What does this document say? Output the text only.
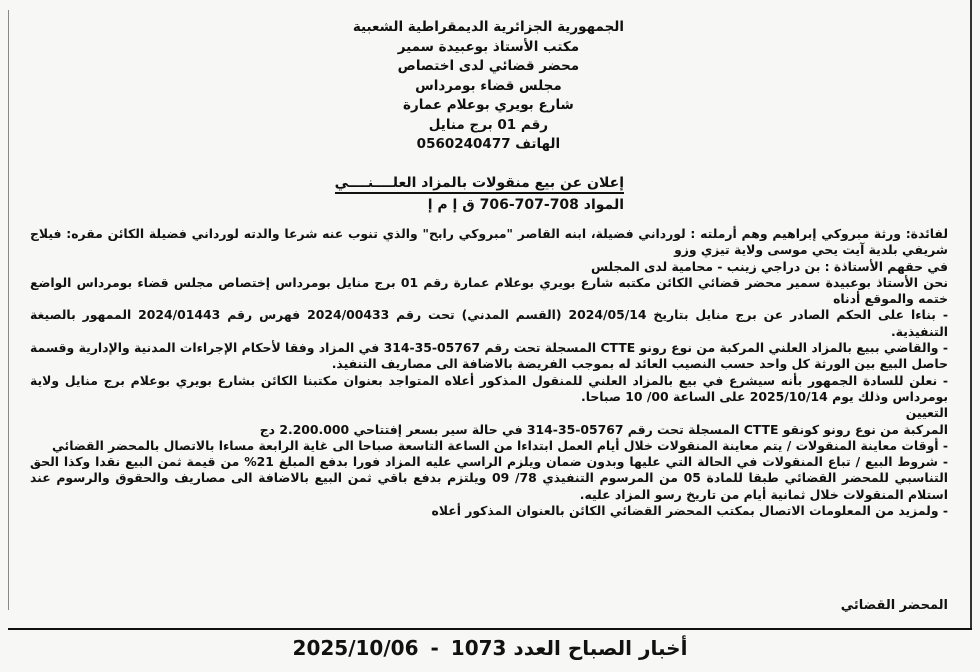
الجمهورية الجزائرية الديمقراطية الشعبية
مكتب الأستاذ بوعبيدة سمير
محضر قضائي لدى اختصاص
مجلس قضاء بومرداس
شارع بويري بوعلام عمارة
رقم 01 برج منايل
الهاتف 0560240477
إعلان عن بيع منقولات بالمزاد العلــــنــــي
المواد 708-707-706 ق إ م إ

لفائدة: ورثة مبروكي إبراهيم وهم أرملته : لورداني فضيلة، ابنه القاصر "مبروكي رابح" والذي تنوب عنه شرعا والدته لورداني فضيلة الكائن مقره: فيلاج شريفي بلدية آيت يحي موسى ولاية تيزي وزو

في حقهم الأستاذة : بن دراجي زينب - محامية لدى المجلس

نحن الأستاذ بوعبيدة سمير محضر قضائي الكائن مكتبه شارع بويري بوعلام عمارة رقم 01 برج منايل بومرداس إختصاص مجلس قضاء بومرداس الواضع ختمه والموقع أدناه

- بناءا على الحكم الصادر عن برج منايل بتاريخ 2024/05/14 (القسم المدني) تحت رقم 2024/00433 فهرس رقم 2024/01443 الممهور بالصيغة التنفيذية.

- والقاضي ببيع بالمزاد العلني المركبة من نوع رونو CTTE المسجلة تحت رقم 05767-35-314 في المزاد وفقا لأحكام الإجراءات المدنية والإدارية وقسمة حاصل البيع بين الورثة كل واحد حسب النصيب العائد له بموجب الفريضة بالاضافة الى مصاريف التنفيذ.

- نعلن للسادة الجمهور بأنه سيشرع في بيع بالمزاد العلني للمنقول المذكور أعلاه المتواجد بعنوان مكتبنا الكائن بشارع بويري بوعلام برج منايل ولاية بومرداس وذلك يوم 2025/10/14 على الساعة 00/ 10 صباحا.

التعيين

المركبة من نوع رونو كونقو CTTE المسجلة تحت رقم 05767-35-314 في حالة سير بسعر إفتتاحي 2.200.000 دج

- أوقات معاينة المنقولات / يتم معاينة المنقولات خلال أيام العمل ابتداءا من الساعة التاسعة صباحا الى غاية الرابعة مساءا بالاتصال بالمحضر القضائي

- شروط البيع / تباع المنقولات في الحالة التي عليها وبدون ضمان ويلزم الراسي عليه المزاد فورا بدفع المبلغ 21% من قيمة ثمن البيع نقدا وكذا الحق التناسبي للمحضر القضائي طبقا للمادة 05 من المرسوم التنفيذي 78/ 09 ويلتزم بدفع باقي ثمن البيع بالاضافة الى مصاريف والحقوق والرسوم عند استلام المنقولات خلال ثمانية أيام من تاريخ رسو المزاد عليه.

- ولمزيد من المعلومات الاتصال بمكتب المحضر القضائي الكائن بالعنوان المذكور أعلاه

المحضر القضائي
أخبار الصباح العدد 1073
-
2025/10/06
